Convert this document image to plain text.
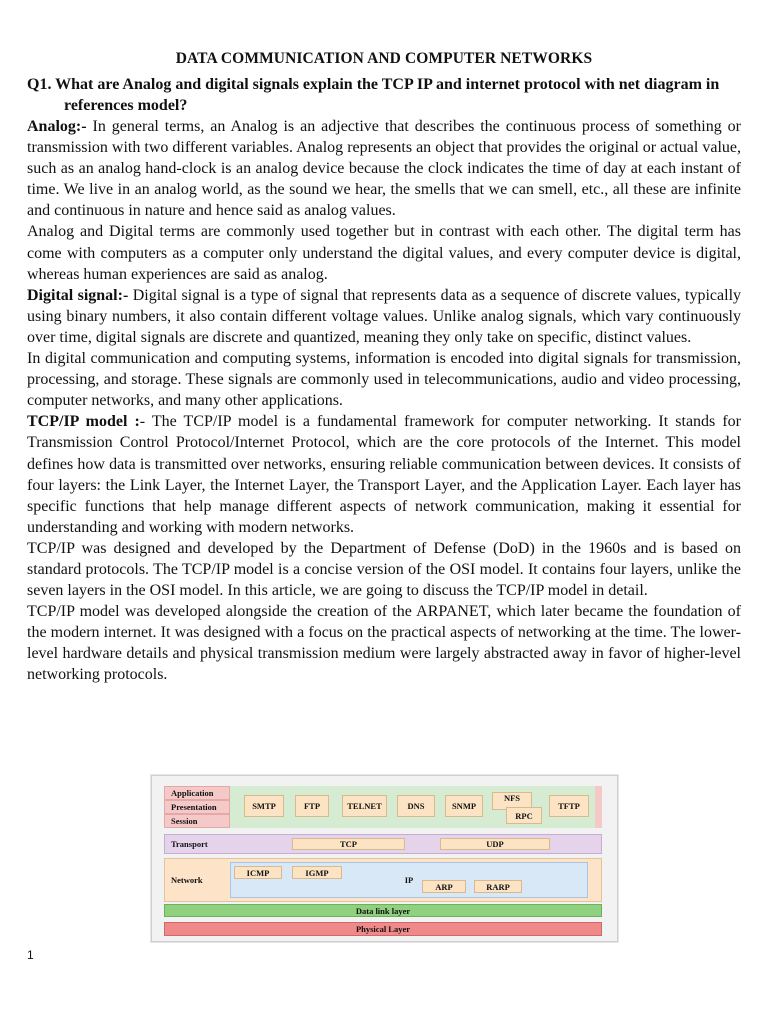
DATA COMMUNICATION AND COMPUTER NETWORKS

Q1. What are Analog and digital signals explain the TCP IP and internet protocol with net diagram in references model?

Analog:- In general terms, an Analog is an adjective that describes the continuous process of something or transmission with two different variables. Analog represents an object that provides the original or actual value, such as an analog hand-clock is an analog device because the clock indicates the time of day at each instant of time. We live in an analog world, as the sound we hear, the smells that we can smell, etc., all these are infinite and continuous in nature and hence said as analog values.

Analog and Digital terms are commonly used together but in contrast with each other. The digital term has come with computers as a computer only understand the digital values, and every computer device is digital, whereas human experiences are said as analog.

Digital signal:- Digital signal is a type of signal that represents data as a sequence of discrete values, typically using binary numbers, it also contain different voltage values. Unlike analog signals, which vary continuously over time, digital signals are discrete and quantized, meaning they only take on specific, distinct values.

In digital communication and computing systems, information is encoded into digital signals for transmission, processing, and storage. These signals are commonly used in telecommunications, audio and video processing, computer networks, and many other applications.

TCP/IP model :- The TCP/IP model is a fundamental framework for computer networking. It stands for Transmission Control Protocol/Internet Protocol, which are the core protocols of the Internet. This model defines how data is transmitted over networks, ensuring reliable communication between devices. It consists of four layers: the Link Layer, the Internet Layer, the Transport Layer, and the Application Layer. Each layer has specific functions that help manage different aspects of network communication, making it essential for understanding and working with modern networks.

TCP/IP was designed and developed by the Department of Defense (DoD) in the 1960s and is based on standard protocols. The TCP/IP model is a concise version of the OSI model. It contains four layers, unlike the seven layers in the OSI model. In this article, we are going to discuss the TCP/IP model in detail.

TCP/IP model was developed alongside the creation of the ARPANET, which later became the foundation of the modern internet. It was designed with a focus on the practical aspects of networking at the time. The lower-level hardware details and physical transmission medium were largely abstracted away in favor of higher-level networking protocols.

Application
Presentation
Session
SMTP	FTP	TELNET	DNS	SNMP
NFS
RPC
TFTP
Transport	TCP	UDP
Network	IP
ICMP	IGMP
ARP	RARP
Data link layer
Physical Layer
1
